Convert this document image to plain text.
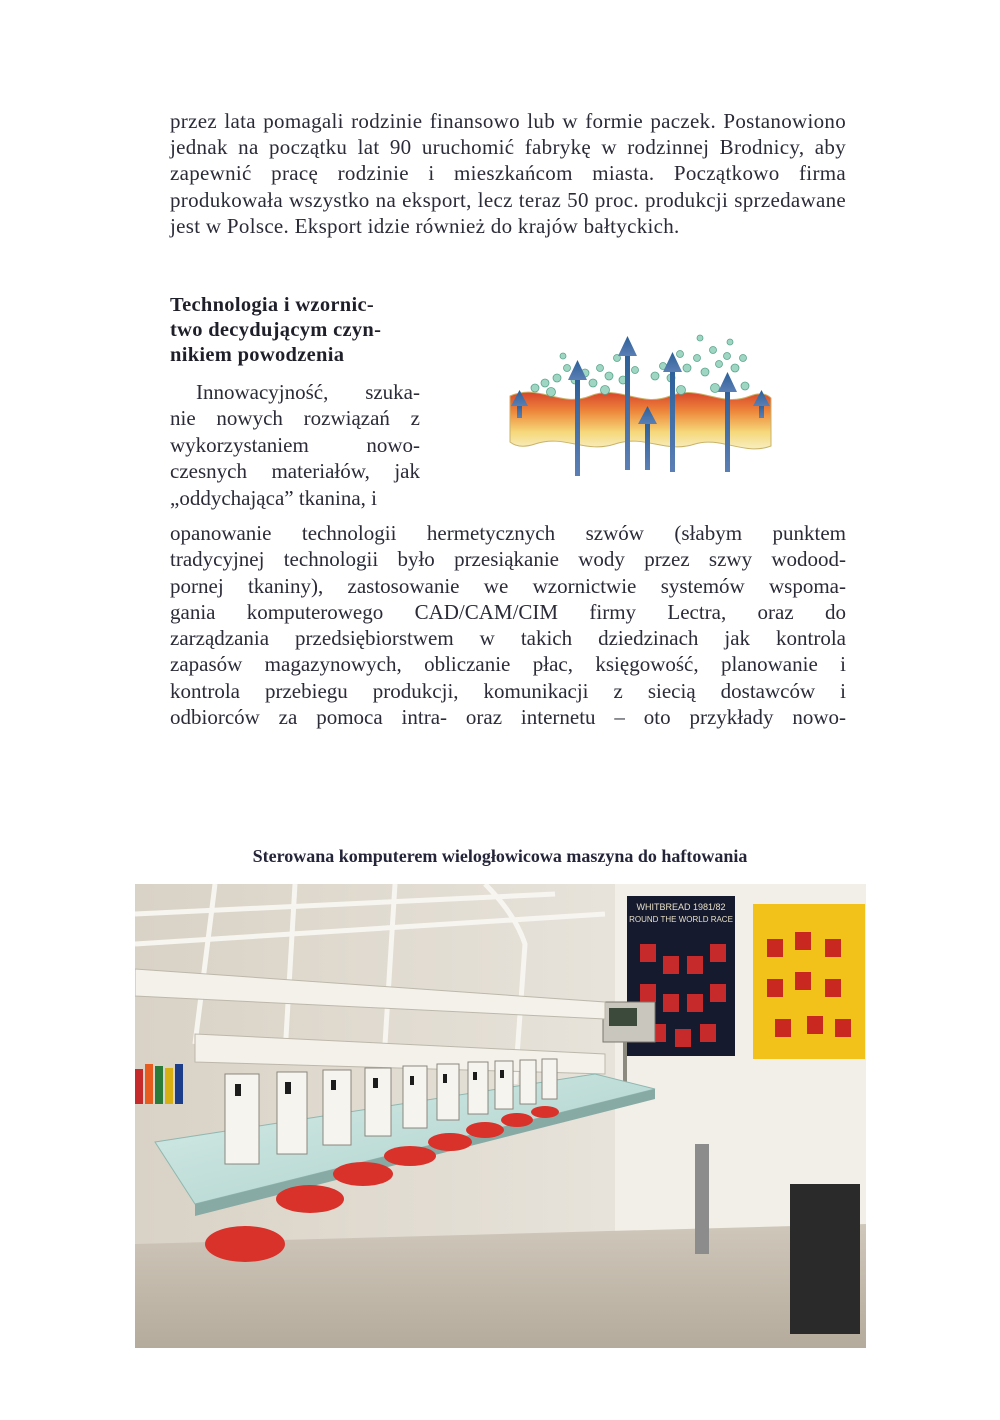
przez lata pomagali rodzinie finansowo lub w formie paczek. Postanowiono jednak na początku lat 90 uruchomić fabrykę w rodzinnej Brodnicy, aby zapewnić pracę rodzinie i mieszkańcom miasta. Początkowo firma produkowała wszystko na eksport, lecz teraz 50 proc. produkcji sprzedawane jest w Polsce. Eksport idzie również do krajów bałtyckich.

Technologia i wzornic-
two decydującym czyn-
nikiem powodzenia
Innowacyjność, szuka-
nie nowych rozwiązań z
wykorzystaniem nowo-
czesnych materiałów, jak
„oddychająca” tkanina, i
opanowanie technologii hermetycznych szwów (słabym punktem
tradycyjnej technologii było przesiąkanie wody przez szwy wodood-
pornej tkaniny), zastosowanie we wzornictwie systemów wspoma-
gania komputerowego CAD/CAM/CIM firmy Lectra, oraz do
zarządzania przedsiębiorstwem w takich dziedzinach jak kontrola
zapasów magazynowych, obliczanie płac, księgowość, planowanie i
kontrola przebiegu produkcji, komunikacji z siecią dostawców i
odbiorców za pomoca intra- oraz internetu – oto przykłady nowo-
Sterowana komputerem wielogłowicowa maszyna do haftowania
WHITBREAD 1981/82
ROUND THE WORLD RACE
